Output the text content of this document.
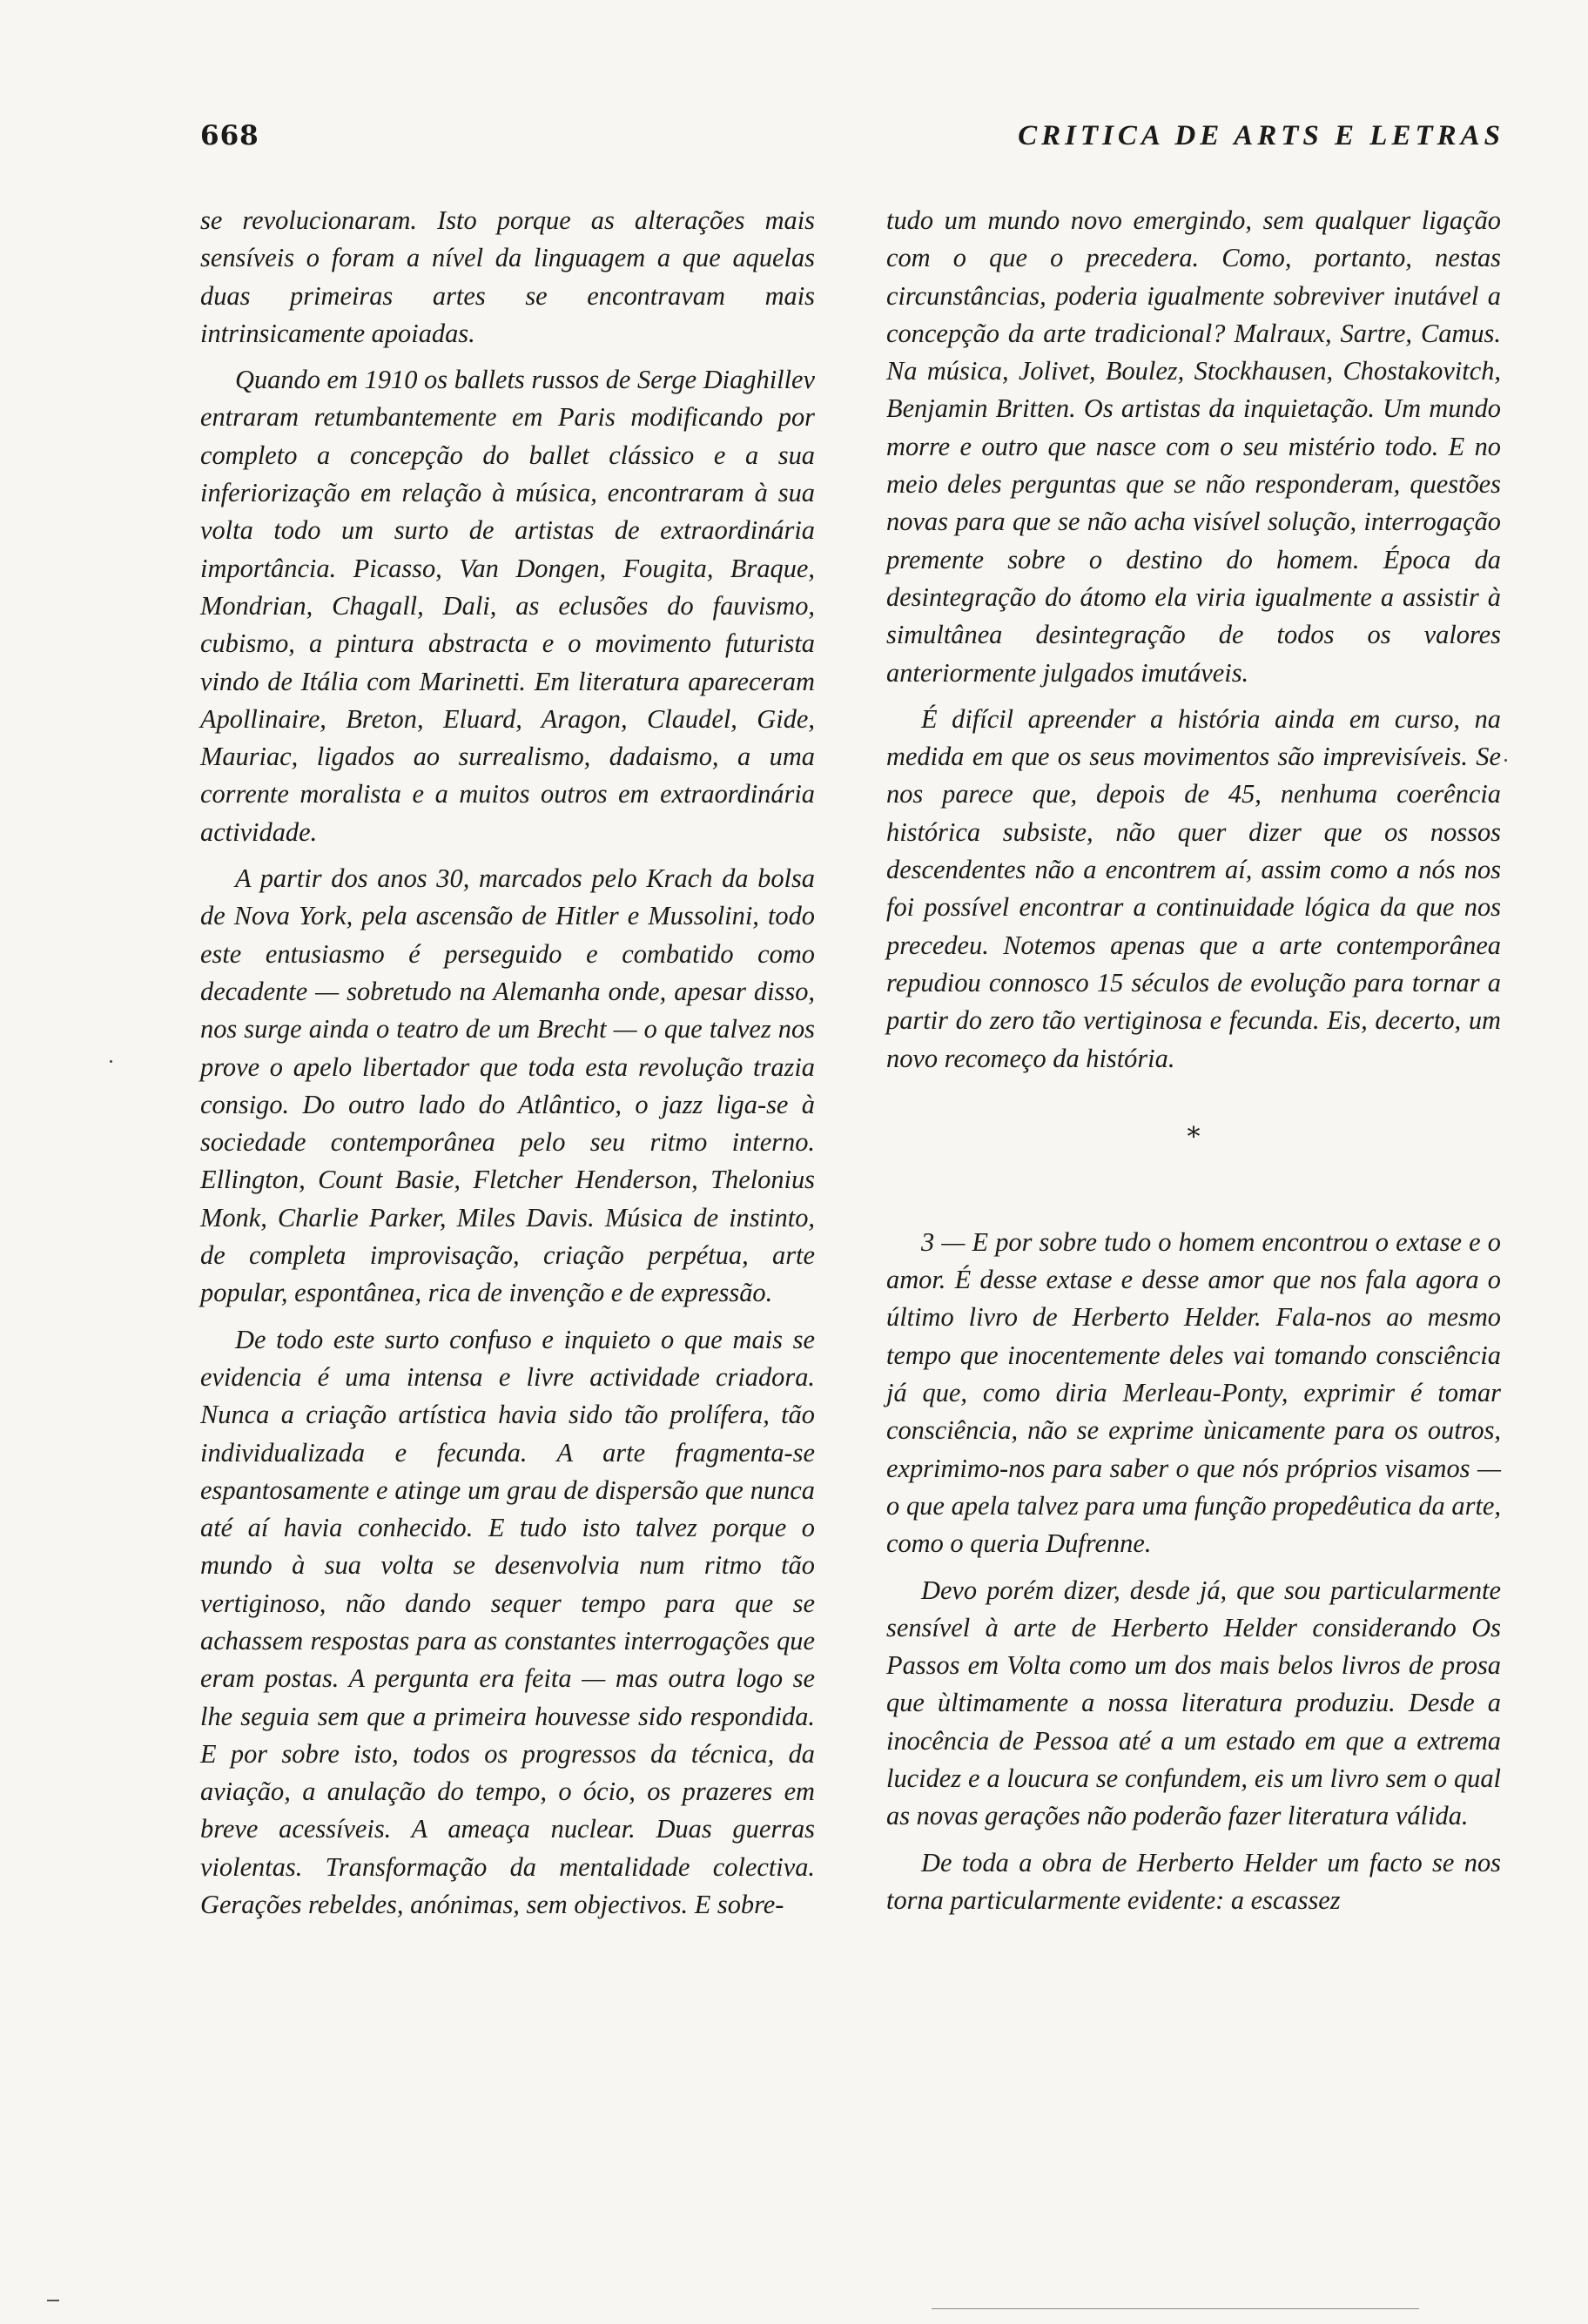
668	CRITICA DE ARTS E LETRAS

se revolucionaram. Isto porque as alterações mais sensíveis o foram a nível da linguagem a que aquelas duas primeiras artes se encontravam mais intrinsicamente apoiadas.

Quando em 1910 os ballets russos de Serge Diaghillev entraram retumbantemente em Paris modificando por completo a concepção do ballet clássico e a sua inferiorização em relação à música, encontraram à sua volta todo um surto de artistas de extraordinária importância. Picasso, Van Dongen, Fougita, Braque, Mondrian, Chagall, Dali, as eclusões do fauvismo, cubismo, a pintura abstracta e o movimento futurista vindo de Itália com Marinetti. Em literatura apareceram Apollinaire, Breton, Eluard, Aragon, Claudel, Gide, Mauriac, ligados ao surrealismo, dadaismo, a uma corrente moralista e a muitos outros em extraordinária actividade.

A partir dos anos 30, marcados pelo Krach da bolsa de Nova York, pela ascensão de Hitler e Mussolini, todo este entusiasmo é perseguido e combatido como decadente — sobretudo na Alemanha onde, apesar disso, nos surge ainda o teatro de um Brecht — o que talvez nos prove o apelo libertador que toda esta revolução trazia consigo. Do outro lado do Atlântico, o jazz liga-se à sociedade contemporânea pelo seu ritmo interno. Ellington, Count Basie, Fletcher Henderson, Thelonius Monk, Charlie Parker, Miles Davis. Música de instinto, de completa improvisação, criação perpétua, arte popular, espontânea, rica de invenção e de expressão.

De todo este surto confuso e inquieto o que mais se evidencia é uma intensa e livre actividade criadora. Nunca a criação artística havia sido tão prolífera, tão individualizada e fecunda. A arte fragmenta-se espantosamente e atinge um grau de dispersão que nunca até aí havia conhecido. E tudo isto talvez porque o mundo à sua volta se desenvolvia num ritmo tão vertiginoso, não dando sequer tempo para que se achassem respostas para as constantes interrogações que eram postas. A pergunta era feita — mas outra logo se lhe seguia sem que a primeira houvesse sido respondida. E por sobre isto, todos os progressos da técnica, da aviação, a anulação do tempo, o ócio, os prazeres em breve acessíveis. A ameaça nuclear. Duas guerras violentas. Transformação da mentalidade colectiva. Gerações rebeldes, anónimas, sem objectivos. E sobre-

tudo um mundo novo emergindo, sem qualquer ligação com o que o precedera. Como, portanto, nestas circunstâncias, poderia igualmente sobreviver inutável a concepção da arte tradicional? Malraux, Sartre, Camus. Na música, Jolivet, Boulez, Stockhausen, Chostakovitch, Benjamin Britten. Os artistas da inquietação. Um mundo morre e outro que nasce com o seu mistério todo. E no meio deles perguntas que se não responderam, questões novas para que se não acha visível solução, interrogação premente sobre o destino do homem. Época da desintegração do átomo ela viria igualmente a assistir à simultânea desintegração de todos os valores anteriormente julgados imutáveis.

É difícil apreender a história ainda em curso, na medida em que os seus movimentos são imprevisíveis. Se nos parece que, depois de 45, nenhuma coerência histórica subsiste, não quer dizer que os nossos descendentes não a encontrem aí, assim como a nós nos foi possível encontrar a continuidade lógica da que nos precedeu. Notemos apenas que a arte contemporânea repudiou connosco 15 séculos de evolução para tornar a partir do zero tão vertiginosa e fecunda. Eis, decerto, um novo recomeço da história.

*

3 — E por sobre tudo o homem encontrou o extase e o amor. É desse extase e desse amor que nos fala agora o último livro de Herberto Helder. Fala-nos ao mesmo tempo que inocentemente deles vai tomando consciência já que, como diria Merleau-Ponty, exprimir é tomar consciência, não se exprime ùnicamente para os outros, exprimimo-nos para saber o que nós próprios visamos — o que apela talvez para uma função propedêutica da arte, como o queria Dufrenne.

Devo porém dizer, desde já, que sou particularmente sensível à arte de Herberto Helder considerando Os Passos em Volta como um dos mais belos livros de prosa que ùltimamente a nossa literatura produziu. Desde a inocência de Pessoa até a um estado em que a extrema lucidez e a loucura se confundem, eis um livro sem o qual as novas gerações não poderão fazer literatura válida.

De toda a obra de Herberto Helder um facto se nos torna particularmente evidente: a escassez
